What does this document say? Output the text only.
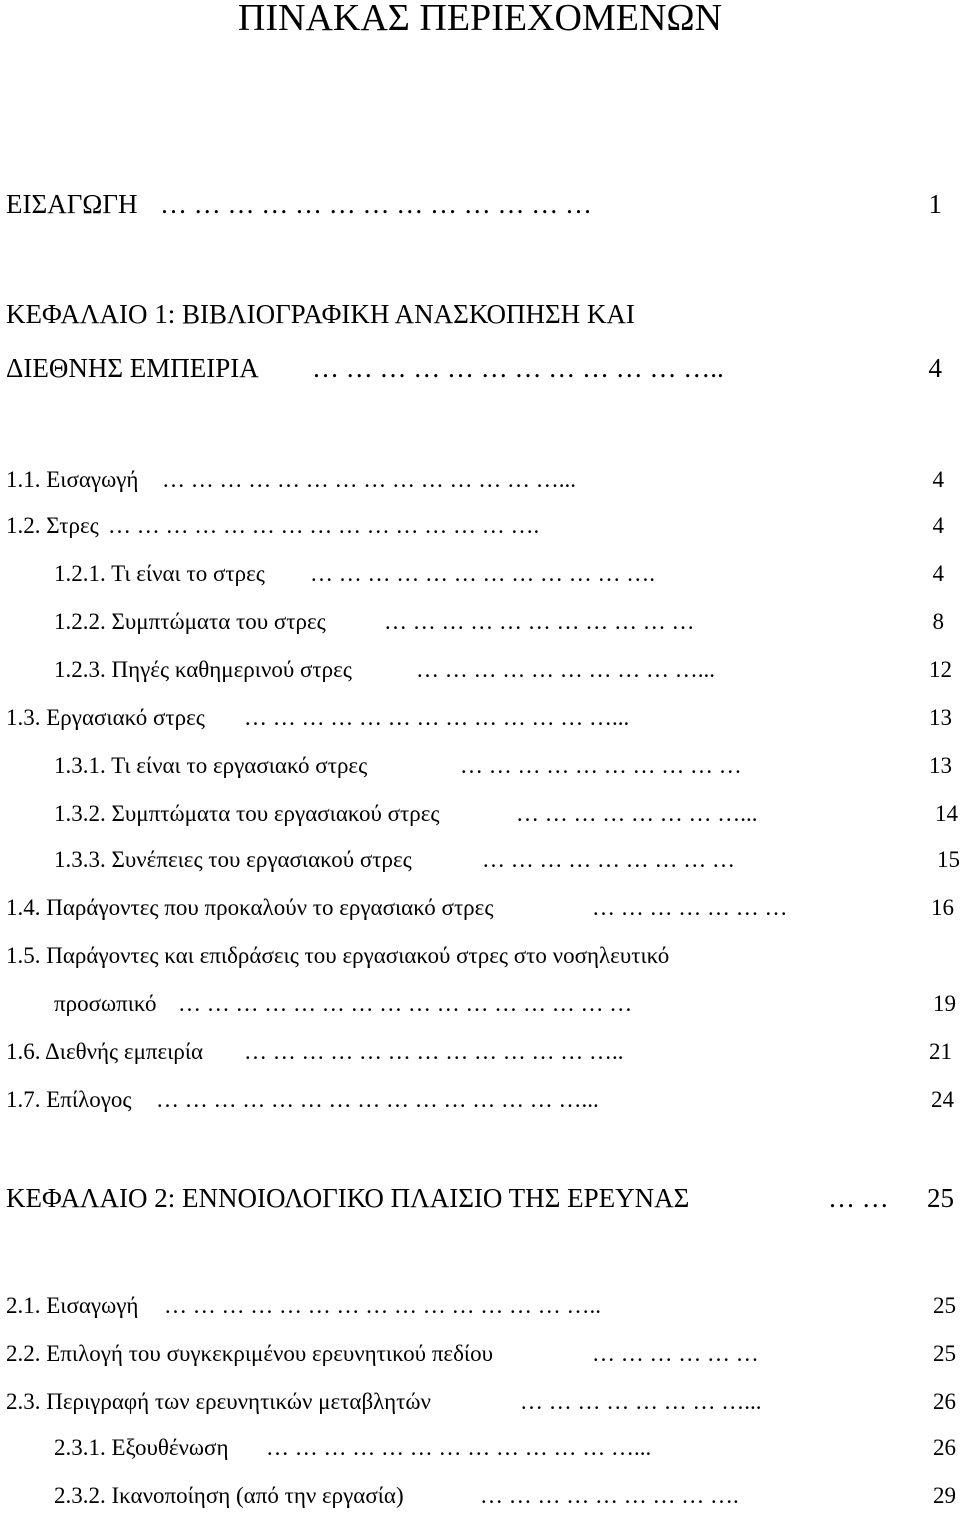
ΠΙΝΑΚΑΣ ΠΕΡΙΕΧΟΜΕΝΩΝ
ΕΙΣΑΓΩΓΗ … … … … … … … … … … … … …	1
ΚΕΦΑΛΑΙΟ 1: ΒΙΒΛΙΟΓΡΑΦΙΚΗ ΑΝΑΣΚΟΠΗΣΗ ΚΑΙ
ΔΙΕΘΝΗΣ ΕΜΠΕΙΡΙΑ … … … … … … … … … … … …..	4
1.1. Εισαγωγή … … … … … … … … … … … … … …...	4
1.2. Στρες … … … … … … … … … … … … … … ….	4
1.2.1. Τι είναι το στρες … … … … … … … … … … … ….	4
1.2.2. Συμπτώματα του στρες	… … … … … … … … … … …	8
1.2.3. Πηγές καθημερινού στρες	… … … … … … … … … …...	12
1.3. Εργασιακό στρες … … … … … … … … … … … … …...	13
1.3.1. Τι είναι το εργασιακό στρες	… … … … … … … … … …	13
1.3.2. Συμπτώματα του εργασιακού στρες	… … … … … … … …...	14
1.3.3. Συνέπειες του εργασιακού στρες	… … … … … … … … …	15
1.4. Παράγοντες που προκαλούν το εργασιακό στρες	… … … … … … …	16
1.5. Παράγοντες και επιδράσεις του εργασιακού στρες στο νοσηλευτικό
προσωπικό … … … … … … … … … … … … … … … …	19
1.6. Διεθνής εμπειρία … … … … … … … … … … … … …..	21
1.7. Επίλογος … … … … … … … … … … … … … … …...	24
ΚΕΦΑΛΑΙΟ 2: ΕΝΝΟΙΟΛΟΓΙΚΟ ΠΛΑΙΣΙΟ ΤΗΣ ΕΡΕΥΝΑΣ	… …	25
2.1. Εισαγωγή … … … … … … … … … … … … … … …..	25
2.2. Επιλογή του συγκεκριμένου ερευνητικού πεδίου	… … … … … …	25
2.3. Περιγραφή των ερευνητικών μεταβλητών	… … … … … … … …...	26
2.3.1. Εξουθένωση … … … … … … … … … … … … …...	26
2.3.2. Ικανοποίηση (από την εργασία)	… … … … … … … … ….	29
